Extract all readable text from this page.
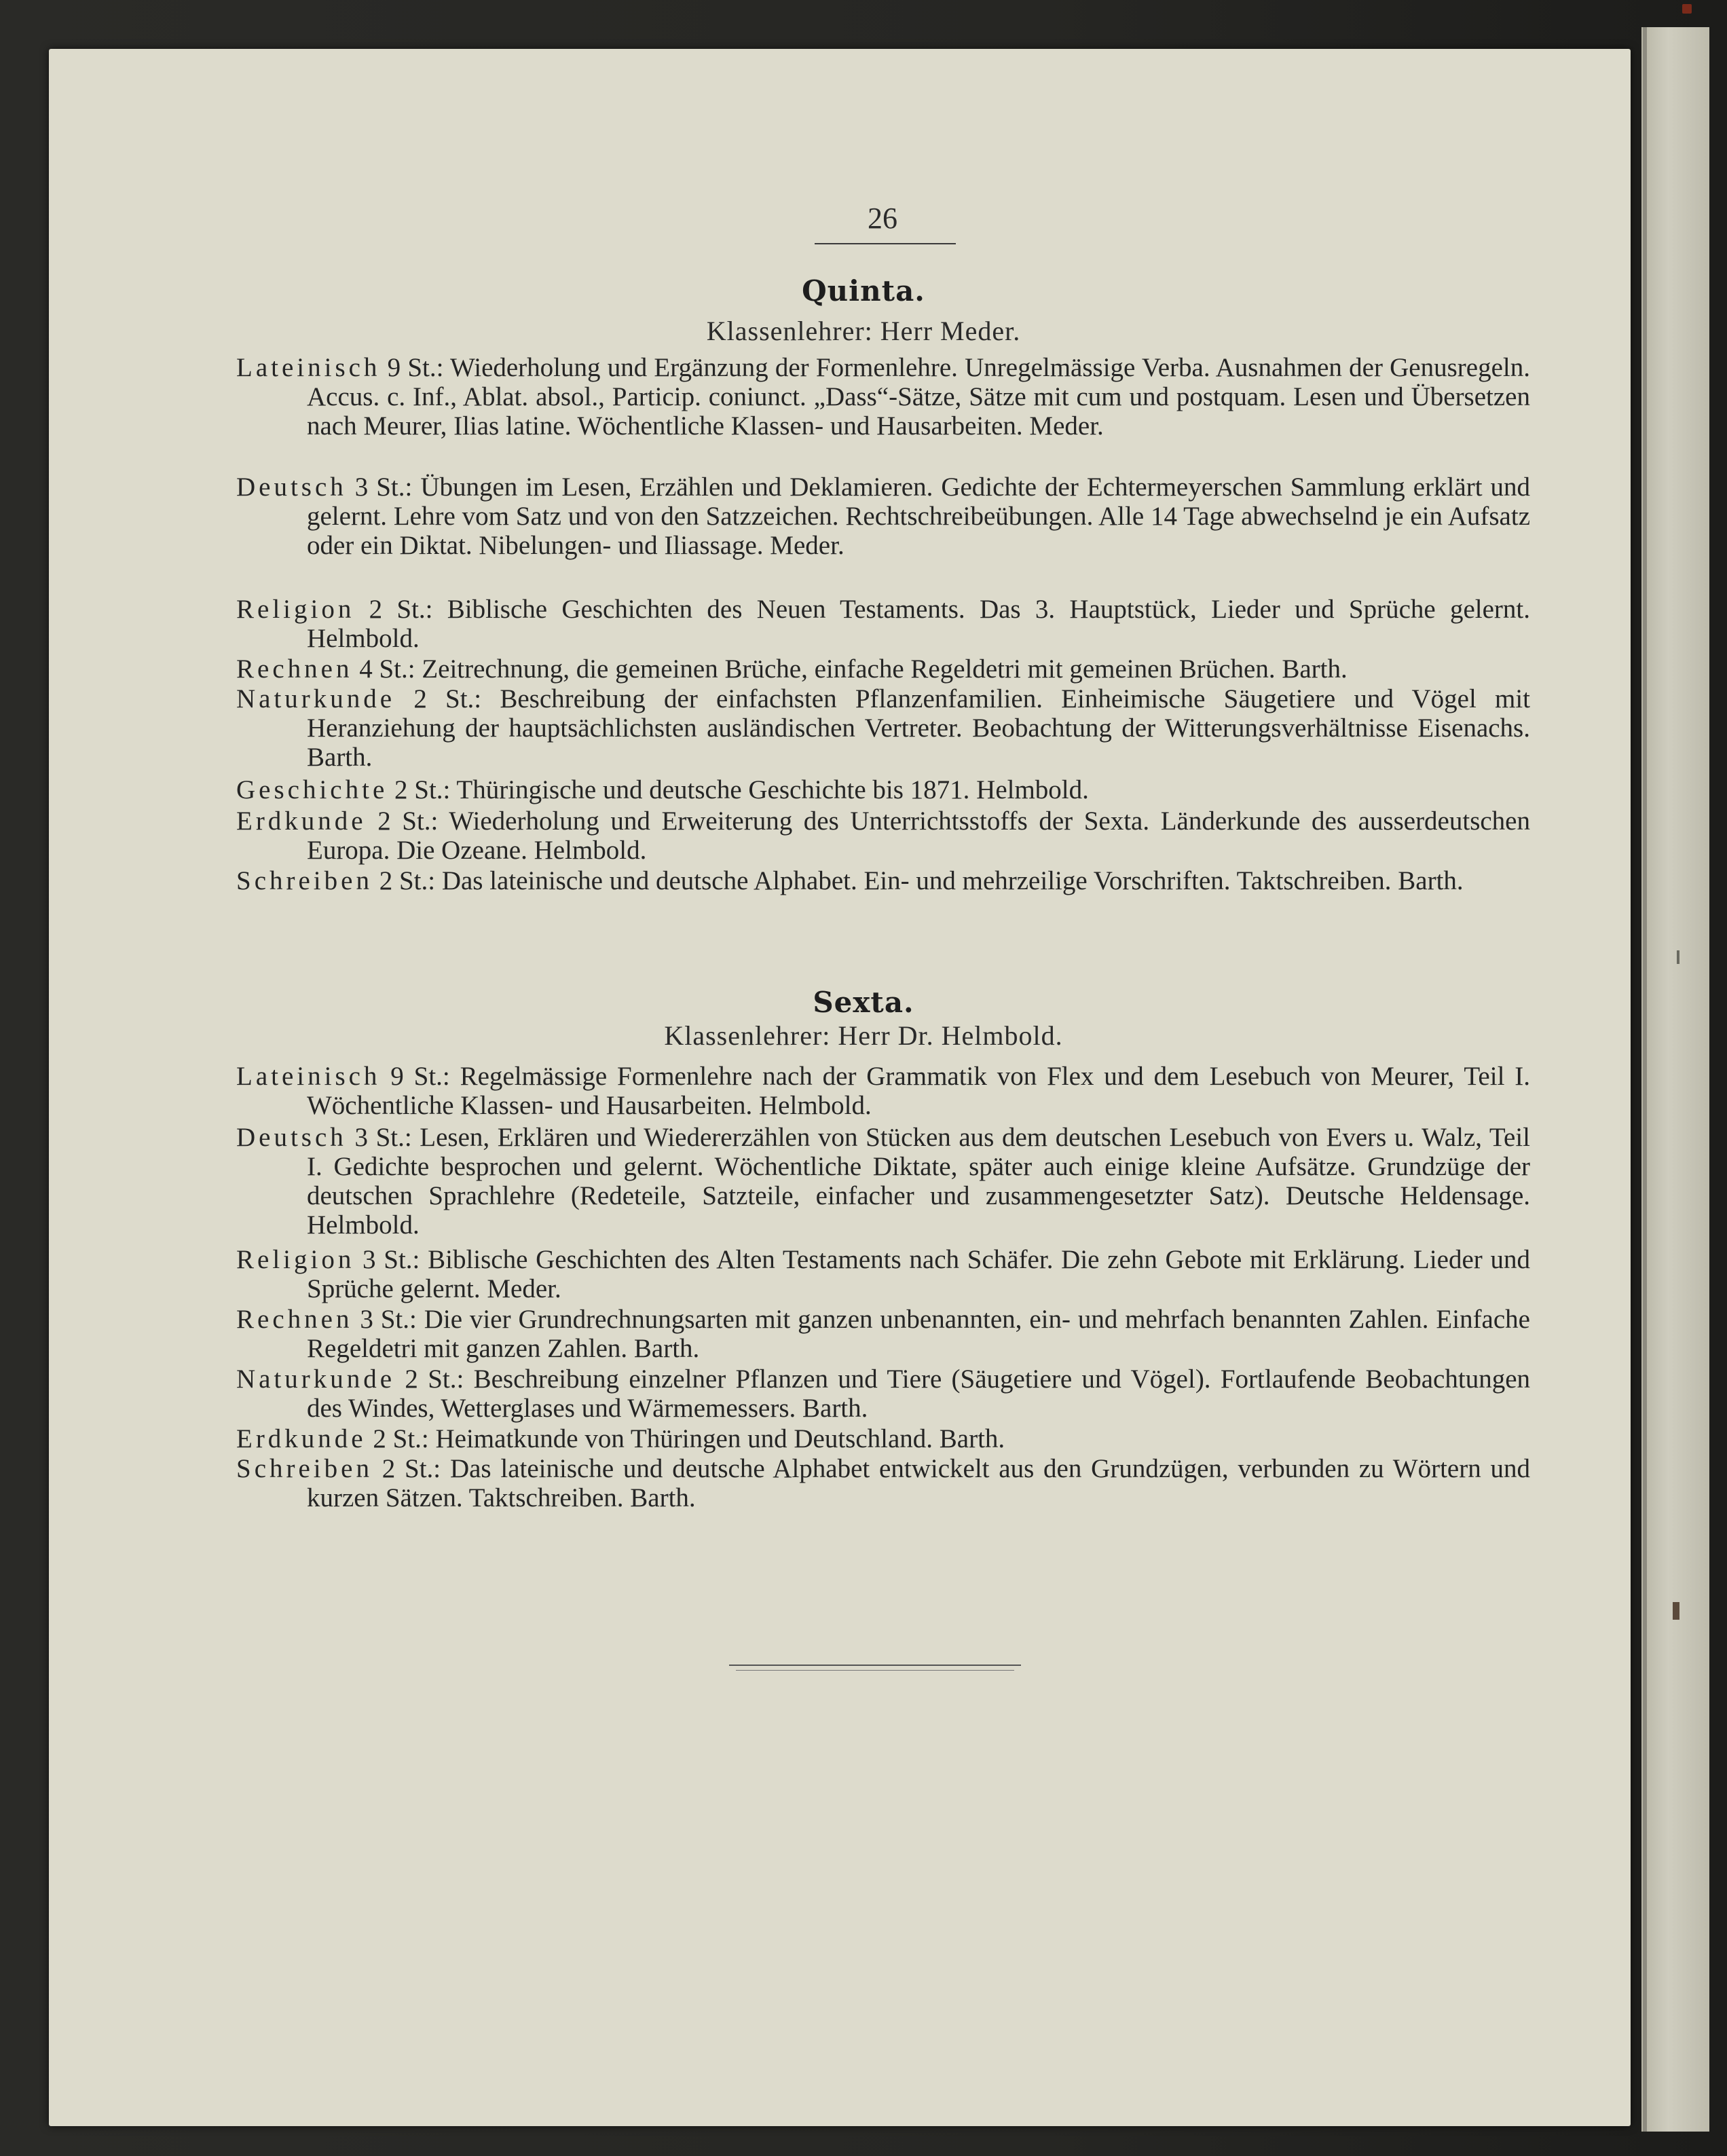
26
Quinta.
Klassenlehrer: Herr Meder.
Lateinisch 9 St.: Wiederholung und Ergänzung der Formenlehre. Unregelmässige Verba. Ausnahmen der Genusregeln. Accus. c. Inf., Ablat. absol., Particip. coniunct. „Dass“-Sätze, Sätze mit cum und postquam. Lesen und Übersetzen nach Meurer, Ilias latine. Wöchentliche Klassen- und Hausarbeiten. Meder.
Deutsch 3 St.: Übungen im Lesen, Erzählen und Deklamieren. Gedichte der Echtermeyerschen Sammlung erklärt und gelernt. Lehre vom Satz und von den Satzzeichen. Rechtschreibeübungen. Alle 14 Tage abwechselnd je ein Aufsatz oder ein Diktat. Nibelungen- und Iliassage. Meder.
Religion 2 St.: Biblische Geschichten des Neuen Testaments. Das 3. Hauptstück, Lieder und Sprüche gelernt. Helmbold.
Rechnen 4 St.: Zeitrechnung, die gemeinen Brüche, einfache Regeldetri mit gemeinen Brüchen. Barth.
Naturkunde 2 St.: Beschreibung der einfachsten Pflanzenfamilien. Einheimische Säugetiere und Vögel mit Heranziehung der hauptsächlichsten ausländischen Vertreter. Beobachtung der Witterungsverhältnisse Eisenachs. Barth.
Geschichte 2 St.: Thüringische und deutsche Geschichte bis 1871. Helmbold.
Erdkunde 2 St.: Wiederholung und Erweiterung des Unterrichtsstoffs der Sexta. Länderkunde des ausserdeutschen Europa. Die Ozeane. Helmbold.
Schreiben 2 St.: Das lateinische und deutsche Alphabet. Ein- und mehrzeilige Vorschriften. Taktschreiben. Barth.
Sexta.
Klassenlehrer: Herr Dr. Helmbold.
Lateinisch 9 St.: Regelmässige Formenlehre nach der Grammatik von Flex und dem Lesebuch von Meurer, Teil I. Wöchentliche Klassen- und Hausarbeiten. Helmbold.
Deutsch 3 St.: Lesen, Erklären und Wiedererzählen von Stücken aus dem deutschen Lesebuch von Evers u. Walz, Teil I. Gedichte besprochen und gelernt. Wöchentliche Diktate, später auch einige kleine Aufsätze. Grundzüge der deutschen Sprachlehre (Redeteile, Satzteile, einfacher und zusammengesetzter Satz). Deutsche Heldensage. Helmbold.
Religion 3 St.: Biblische Geschichten des Alten Testaments nach Schäfer. Die zehn Gebote mit Erklärung. Lieder und Sprüche gelernt. Meder.
Rechnen 3 St.: Die vier Grundrechnungsarten mit ganzen unbenannten, ein- und mehrfach benannten Zahlen. Einfache Regeldetri mit ganzen Zahlen. Barth.
Naturkunde 2 St.: Beschreibung einzelner Pflanzen und Tiere (Säugetiere und Vögel). Fortlaufende Beobachtungen des Windes, Wetterglases und Wärmemessers. Barth.
Erdkunde 2 St.: Heimatkunde von Thüringen und Deutschland. Barth.
Schreiben 2 St.: Das lateinische und deutsche Alphabet entwickelt aus den Grundzügen, verbunden zu Wörtern und kurzen Sätzen. Taktschreiben. Barth.
